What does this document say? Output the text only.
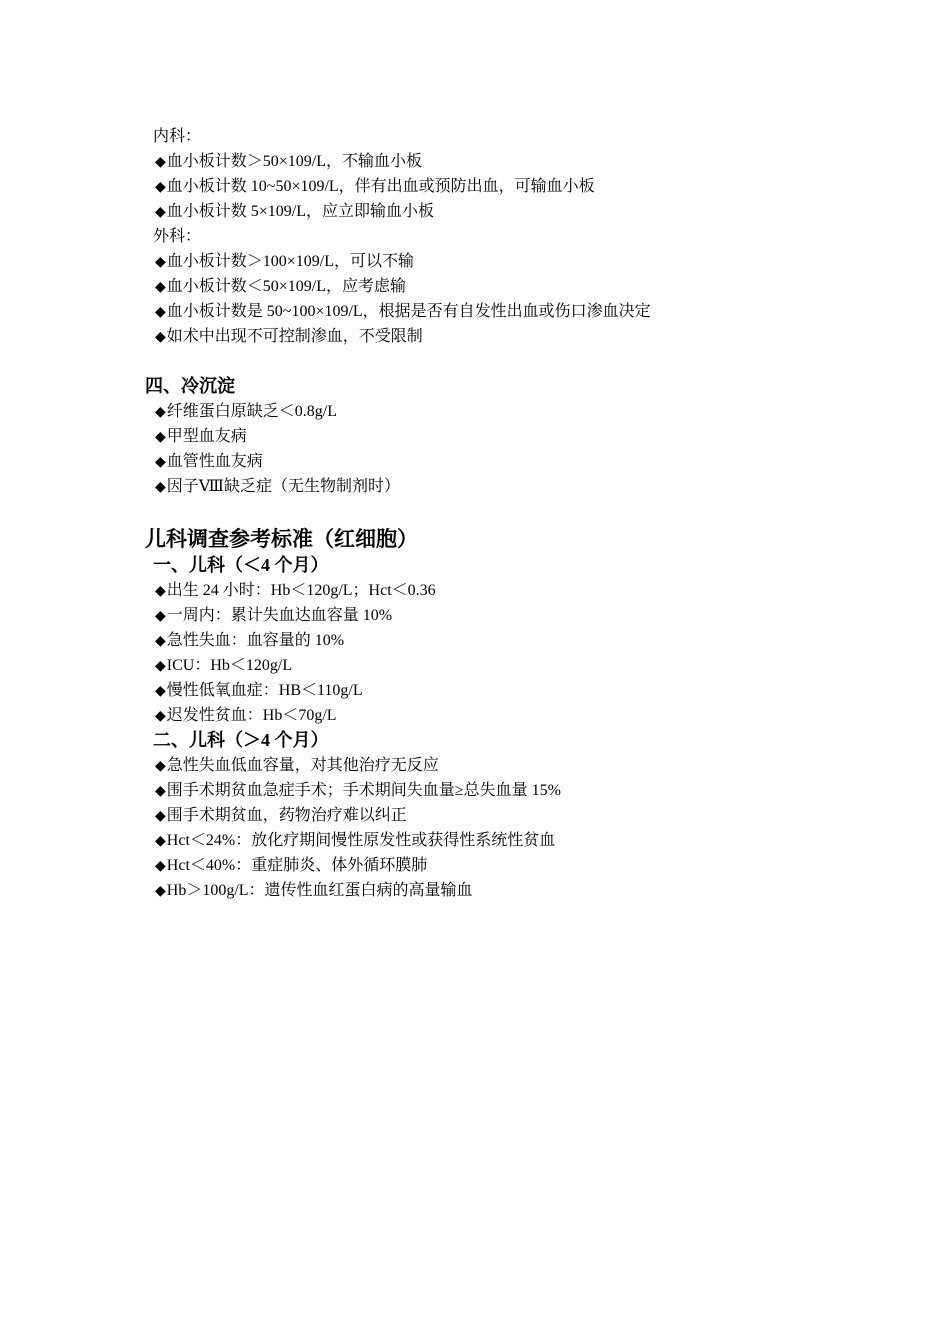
内科：
◆血小板计数＞50×109/L，不输血小板
◆血小板计数 10~50×109/L，伴有出血或预防出血，可输血小板
◆血小板计数 5×109/L，应立即输血小板
外科：
◆血小板计数＞100×109/L，可以不输
◆血小板计数＜50×109/L，应考虑输
◆血小板计数是 50~100×109/L，根据是否有自发性出血或伤口渗血决定
◆如术中出现不可控制渗血，不受限制
四、冷沉淀
◆纤维蛋白原缺乏＜0.8g/L
◆甲型血友病
◆血管性血友病
◆因子Ⅷ缺乏症（无生物制剂时）
儿科调查参考标准（红细胞）
一、儿科（＜4 个月）
◆出生 24 小时：Hb＜120g/L；Hct＜0.36
◆一周内：累计失血达血容量 10%
◆急性失血：血容量的 10%
◆ICU：Hb＜120g/L
◆慢性低氧血症：HB＜110g/L
◆迟发性贫血：Hb＜70g/L
二、儿科（＞4 个月）
◆急性失血低血容量，对其他治疗无反应
◆围手术期贫血急症手术；手术期间失血量≥总失血量 15%
◆围手术期贫血，药物治疗难以纠正
◆Hct＜24%：放化疗期间慢性原发性或获得性系统性贫血
◆Hct＜40%：重症肺炎、体外循环膜肺
◆Hb＞100g/L：遗传性血红蛋白病的高量输血
